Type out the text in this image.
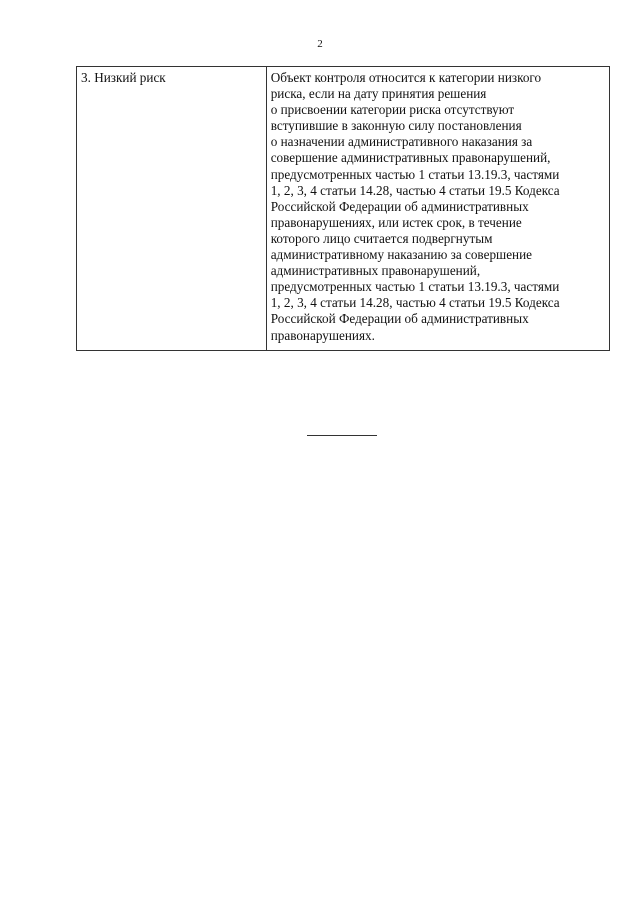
2
3. Низкий риск	Объект контроля относится к категории низкого
риска, если на дату принятия решения
о присвоении категории риска отсутствуют
вступившие в законную силу постановления
о назначении административного наказания за
совершение административных правонарушений,
предусмотренных частью 1 статьи 13.19.3, частями
1, 2, 3, 4 статьи 14.28, частью 4 статьи 19.5 Кодекса
Российской Федерации об административных
правонарушениях, или истек срок, в течение
которого лицо считается подвергнутым
административному наказанию за совершение
административных правонарушений,
предусмотренных частью 1 статьи 13.19.3, частями
1, 2, 3, 4 статьи 14.28, частью 4 статьи 19.5 Кодекса
Российской Федерации об административных
правонарушениях.
